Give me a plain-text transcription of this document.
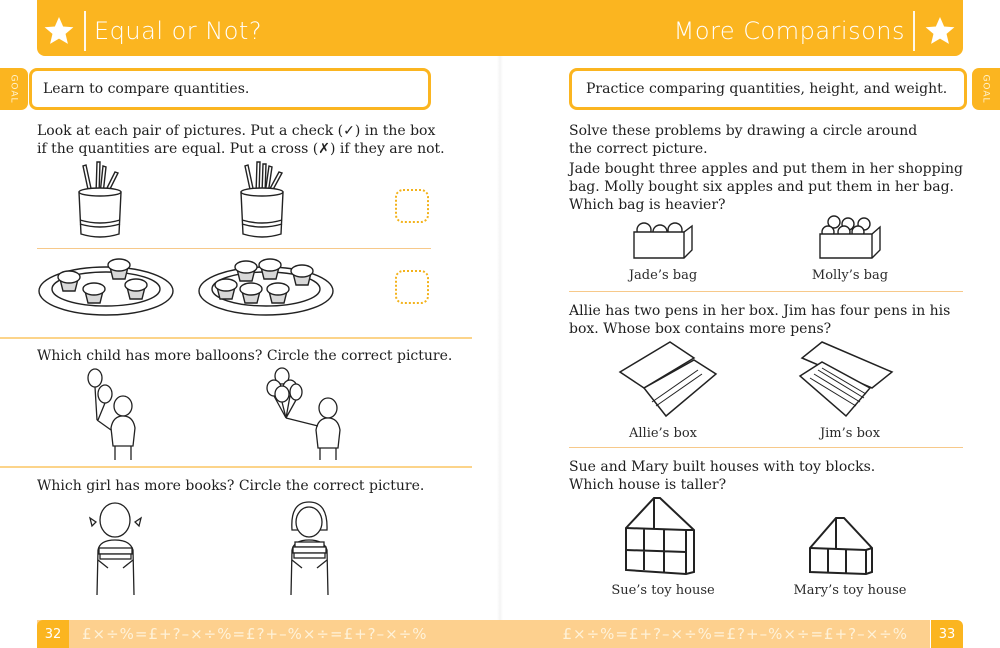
Equal or Not?
GOAL Learn to compare quantities.
Look at each pair of pictures. Put a check (✓) in the box
if the quantities are equal. Put a cross (✗) if they are not.
Which child has more balloons? Circle the correct picture.
Which girl has more books? Circle the correct picture.
£×÷%=£+?–×÷%=£?+–%×÷=£+?–×÷%
32
More Comparisons
Practice comparing quantities, height, and weight.	GOAL
Solve these problems by drawing a circle around
the correct picture.
Jade bought three apples and put them in her shopping
bag. Molly bought six apples and put them in her bag.
Which bag is heavier?
Jade’s bag	Molly’s bag
Allie has two pens in her box. Jim has four pens in his
box. Whose box contains more pens?
Allie’s box	Jim’s box
Sue and Mary built houses with toy blocks.
Which house is taller?
Sue’s toy house	Mary’s toy house
£×÷%=£+?–×÷%=£?+–%×÷=£+?–×÷%	33
